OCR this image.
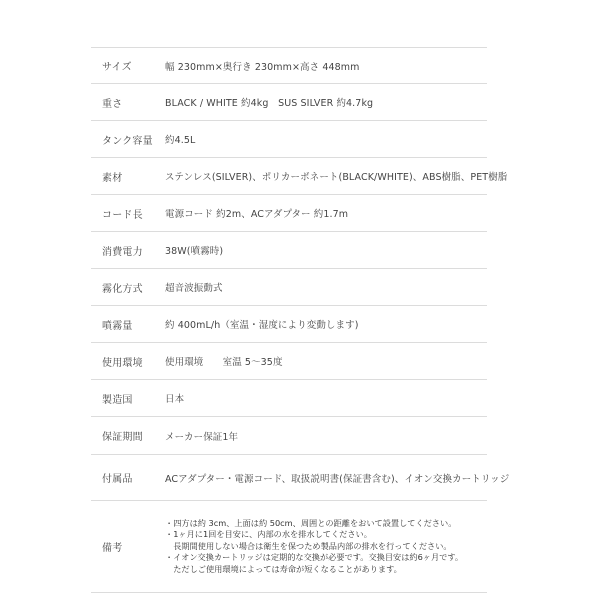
サイズ	幅 230mm×奥行き 230mm×高さ 448mm
重さ	BLACK / WHITE 約4kg　SUS SILVER 約4.7kg
タンク容量	約4.5L
素材	ステンレス(SILVER)、ポリカーボネート(BLACK/WHITE)、ABS樹脂、PET樹脂
コード長	電源コード 約2m、ACアダプター 約1.7m
消費電力	38W(噴霧時)
霧化方式	超音波振動式
噴霧量	約 400mL/h（室温・湿度により変動します)
使用環境	使用環境　　室温 5〜35度
製造国	日本
保証期間	メーカー保証1年
付属品	ACアダプター・電源コード、取扱説明書(保証書含む)、イオン交換カートリッジ
備考
・四方は約 3cm、上面は約 50cm、周囲との距離をおいて設置してください。
・1ヶ月に1回を目安に、内部の水を排水してください。
　長期間使用しない場合は衛生を保つため製品内部の排水を行ってください。
・イオン交換カートリッジは定期的な交換が必要です。交換目安は約6ヶ月です。
　ただしご使用環境によっては寿命が短くなることがあります。
